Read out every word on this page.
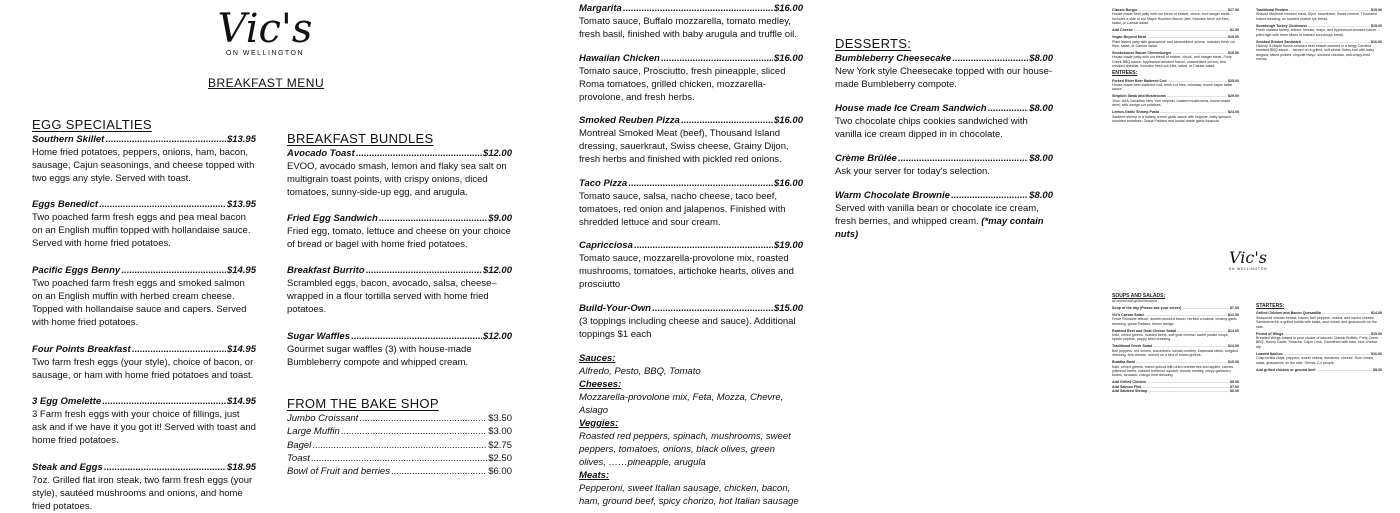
Vic's
ON WELLINGTON
BREAKFAST MENU
EGG SPECIALTIES
Southern Skillet .....	$13.95
Home fried potatoes, peppers, onions, ham, bacon, sausage, Cajun seasonings, and cheese topped with two eggs any style. Served with toast.
Eggs Benedict .....	$13.95
Two poached farm fresh eggs and pea meal bacon on an English muffin topped with hollandaise sauce. Served with home fried potatoes.
Pacific Eggs Benny .....	$14.95
Two poached farm fresh eggs and smoked salmon on an English muffin with herbed cream cheese. Topped with hollandaise sauce and capers. Served with home fried potatoes.
Four Points Breakfast .....	$14.95
Two farm fresh eggs (your style), choice of bacon, or sausage, or ham with home fried potatoes and toast.
3 Egg Omelette .....	$14.95
3 Farm fresh eggs with your choice of fillings, just ask and if we have it you got it! Served with toast and home fried potatoes.
Steak and Eggs .....	$18.95
7oz. Grilled flat iron steak, two farm fresh eggs (your style), sautéed mushrooms and onions, and home fried potatoes.
BREAKFAST BUNDLES
Avocado Toast .....	$12.00
EVOO, avocado smash, lemon and flaky sea salt on multigrain toast points, with crispy onions, diced tomatoes, sunny-side-up egg, and arugula.
Fried Egg Sandwich .....	$9.00
Fried egg, tomato, lettuce and cheese on your choice of bread or bagel with home fried potatoes.
Breakfast Burrito .....	$12.00
Scrambled eggs, bacon, avocado, salsa, cheese– wrapped in a flour tortilla served with home fried potatoes.
Sugar Waffles .....	$12.00
Gourmet sugar waffles (3) with house-made Bumbleberry compote and whipped cream.
FROM THE BAKE SHOP
Jumbo Croissant .....	$3.50
Large Muffin .....	$3.00
Bagel .....	$2.75
Toast .....	$2.50
Bowl of Fruit and berries .....	$6.00
Margarita .....	$16.00
Tomato sauce, Buffalo mozzarella, tomato medley, fresh basil, finished with baby arugula and truffle oil.
Hawaiian Chicken .....	$16.00
Tomato sauce, Prosciutto, fresh pineapple, sliced Roma tomatoes, grilled chicken, mozzarella-provolone, and fresh herbs.
Smoked Reuben Pizza .....	$16.00
Montreal Smoked Meat (beef), Thousand Island dressing, sauerkraut, Swiss cheese, Grainy Dijon, fresh herbs and finished with pickled red onions.
Taco Pizza .....	$16.00
Tomato sauce, salsa, nacho cheese, taco beef, tomatoes, red onion and jalapenos. Finished with shredded lettuce and sour cream.
Capricciosa .....	$19.00
Tomato sauce, mozzarella-provolone mix, roasted mushrooms, tomatoes, artichoke hearts, olives and prosciutto
Build-Your-Own .....	$15.00
(3 toppings including cheese and sauce). Additional toppings $1 each
Sauces:
Alfredo, Pesto, BBQ, Tomato
Cheeses:
Mozzarella-provolone mix, Feta, Mozza, Chevre, Asiago
Veggies:
Roasted red peppers, spinach, mushrooms, sweet peppers, tomatoes, onions, black olives, green olives, ……pineapple, arugula
Meats:
Pepperoni, sweet Italian sausage, chicken, bacon, ham, ground beef, spicy chorizo, hot Italian sausage
DESSERTS:
Bumbleberry Cheesecake .....	$8.00
New York style Cheesecake topped with our house-made Bumbleberry compote.
House made Ice Cream Sandwich .....	$8.00
Two chocolate chips cookies sandwiched with vanilla ice cream dipped in in chocolate.
Crème Brûlée .....	$8.00
Ask your server for today's selection.
Warm Chocolate Brownie .....	$8.00
Served with vanilla bean or chocolate ice cream, fresh berries, and whipped cream. (*may contain nuts)
Classic Burger .....	$17.00
House-made beef patty with our blend of brisket, chuck, and hanger steak. Includes a side of our Maple Bourbon Bacon Jam. Includes fresh cut fries, salad, or Caesar salad.
Add Cheese .....	$1.00
Vegan Beyond Meat .....	$19.00
Plant based patty with guacamole and caramelized onions. Includes fresh cut fries, salad, or Caesar salad.
Smokehouse Bacon Cheeseburger .....	$18.00
House-made patty with our blend of brisket, chuck, and hanger steak. Forty Creek BBQ sauce, Applewood-smoked bacon, caramelized onions, and smoked cheddar. Includes fresh cut fries, salad, or Caesar salad.
ENTREES:
Forked River Beer Battered Cod .....	$25.00
House-made beer-battered cod, fresh cut fries, coleslaw, house caper tartar sauce.
Striploin Steak and Mushrooms .....	$29.00
10oz. AAA Canadian New York striploin, roasted mushrooms, house-made demi, with wedge-cut potatoes.
Lemon-Garlic Shrimp Pasta .....	$24.00
Sautéed shrimp in a buttery lemon garlic sauce with linguine, baby spinach, sundried tomatoes, Grana Padano and house-made garlic focaccia.
Traditional Reuben .....	$15.00
Shaved Montreal smoked meat, Dijon, sauerkraut, Swiss cheese, Thousand Island dressing, on toasted marble rye bread.
Sourdough Turkey Clubhouse .....	$15.00
Fresh roasted turkey, lettuce, tomato, mayo, and Applewood-smoked bacon… piled high with three slices of toasted sourdough bread.
Smoked Brisket Sandwich .....	$16.00
Hickory & Maple house-smoked beef brisket warmed in a tangy Carolina mustard BBQ sauce… served on a grilled, soft wheat Swiss bun with baby arugula, sliced pickles, chipotle mayo, smoked cheddar, and crispy-fried onions.
Vic's
ON WELLINGTON
SOUPS AND SALADS:
all served with grilled focaccia
Soup of the day (Please ask your server) .....	$7.00
Vic's Caesar Salad .....	$12.00
Fresh Romaine lettuce, double-smoked bacon, herbed croutons, creamy garlic dressing, grana Padano, lemon wedge.
Roasted Beet and Goat Cheese Salad .....	$14.00
Kale, mixed greens, roasted beets, soft goat cheese, sweet potato crisps, spiced pepitas, poppy seed dressing.
Traditional Greek Salad .....	$14.00
Bell peppers, red onions, cucumbers, tomato medley, Kalamata olives, oregano dressing, feta cheese, served on a bed of mixed greens.
Buddha Bowl .....	$15.00
Kale, mixed greens, mixed quinoa with dried cranberries and apples, carrots, julienned beets, roasted butternut squash, tomato medley, crispy garbanzo beans, avocado, mango lime dressing.
Add Grilled Chicken .....	$5.00
Add Salmon Filet .....	$7.00
Add Sautéed Shrimp .....	$6.00
STARTERS:
Grilled Chicken and Bacon Quesadilla .....	$14.00
Seasoned chicken breast, bacon, bell peppers, onions, and nacho cheese. Sandwiched in a grilled tortilla with salsa, sour cream and guacamole on the side.
Pound of Wings .....	$15.00
Breaded Wings tossed in your choice of sauces: Classic Buffalo, Forty Creek BBQ, Honey Garlic, Sriracha, Cajun Lime. Garnished with slaw, blue cheese dip.
Loaded Nachos .....	$16.00
Crisp tortilla chips, peppers, sweet onions, tomatoes, cheese. Sour cream, salsa, guacamole on the side. Serves 2-4 people.
Add grilled chicken or ground beef .....	$5.00
